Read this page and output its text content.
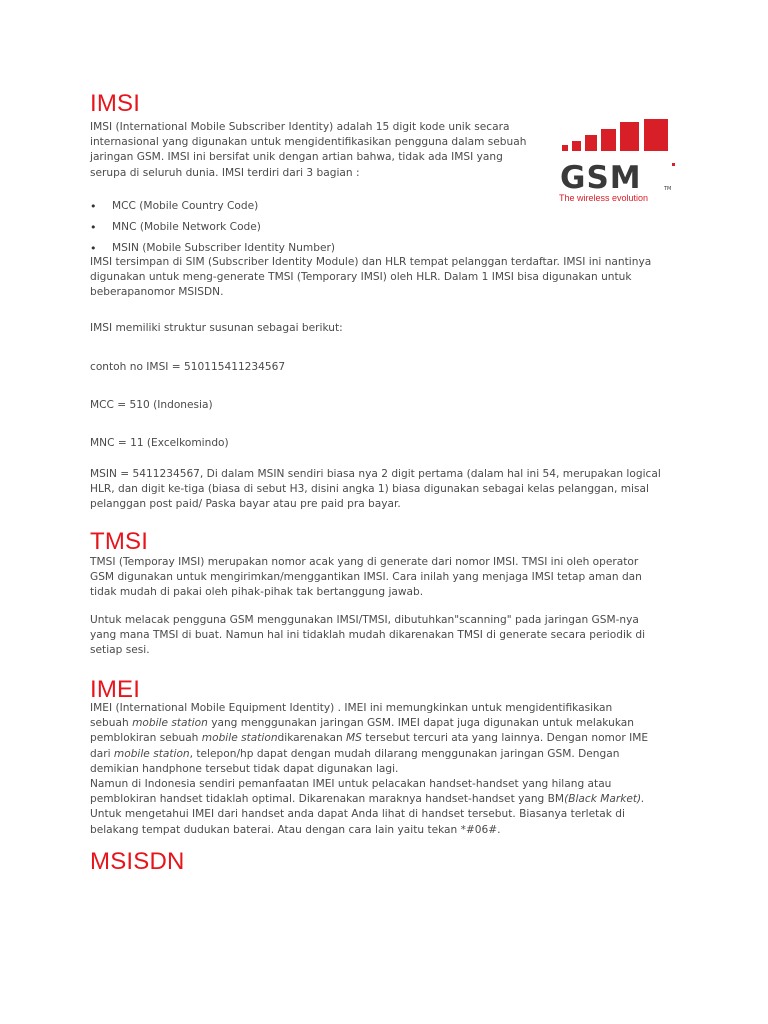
IMSI

IMSI (International Mobile Subscriber Identity) adalah 15 digit kode unik secara
internasional yang digunakan untuk mengidentifikasikan pengguna dalam sebuah
jaringan GSM. IMSI ini bersifat unik dengan artian bahwa, tidak ada IMSI yang
serupa di seluruh dunia. IMSI terdiri dari 3 bagian :	GSM	TM
The wireless evolution
• MCC (Mobile Country Code)
• MNC (Mobile Network Code)
• MSIN (Mobile Subscriber Identity Number)

IMSI tersimpan di SIM (Subscriber Identity Module) dan HLR tempat pelanggan terdaftar. IMSI ini nantinya
digunakan untuk meng-generate TMSI (Temporary IMSI) oleh HLR. Dalam 1 IMSI bisa digunakan untuk
beberapanomor MSISDN.

IMSI memiliki struktur susunan sebagai berikut:

contoh no IMSI = 510115411234567

MCC = 510 (Indonesia)

MNC = 11 (Excelkomindo)

MSIN = 5411234567, Di dalam MSIN sendiri biasa nya 2 digit pertama (dalam hal ini 54, merupakan logical
HLR, dan digit ke-tiga (biasa di sebut H3, disini angka 1) biasa digunakan sebagai kelas pelanggan, misal
pelanggan post paid/ Paska bayar atau pre paid pra bayar.

TMSI

TMSI (Temporay IMSI) merupakan nomor acak yang di generate dari nomor IMSI. TMSI ini oleh operator
GSM digunakan untuk mengirimkan/menggantikan IMSI. Cara inilah yang menjaga IMSI tetap aman dan
tidak mudah di pakai oleh pihak-pihak tak bertanggung jawab.

Untuk melacak pengguna GSM menggunakan IMSI/TMSI, dibutuhkan"scanning" pada jaringan GSM-nya
yang mana TMSI di buat. Namun hal ini tidaklah mudah dikarenakan TMSI di generate secara periodik di
setiap sesi.

IMEI
IMEI (International Mobile Equipment Identity) . IMEI ini memungkinkan untuk mengidentifikasikan
sebuah mobile station yang menggunakan jaringan GSM. IMEI dapat juga digunakan untuk melakukan
pemblokiran sebuah mobile stationdikarenakan MS tersebut tercuri ata yang lainnya. Dengan nomor IME
dari mobile station, telepon/hp dapat dengan mudah dilarang menggunakan jaringan GSM. Dengan
demikian handphone tersebut tidak dapat digunakan lagi.
Namun di Indonesia sendiri pemanfaatan IMEI untuk pelacakan handset-handset yang hilang atau
pemblokiran handset tidaklah optimal. Dikarenakan maraknya handset-handset yang BM(Black Market).
Untuk mengetahui IMEI dari handset anda dapat Anda lihat di handset tersebut. Biasanya terletak di
belakang tempat dudukan baterai. Atau dengan cara lain yaitu tekan *#06#.
MSISDN
